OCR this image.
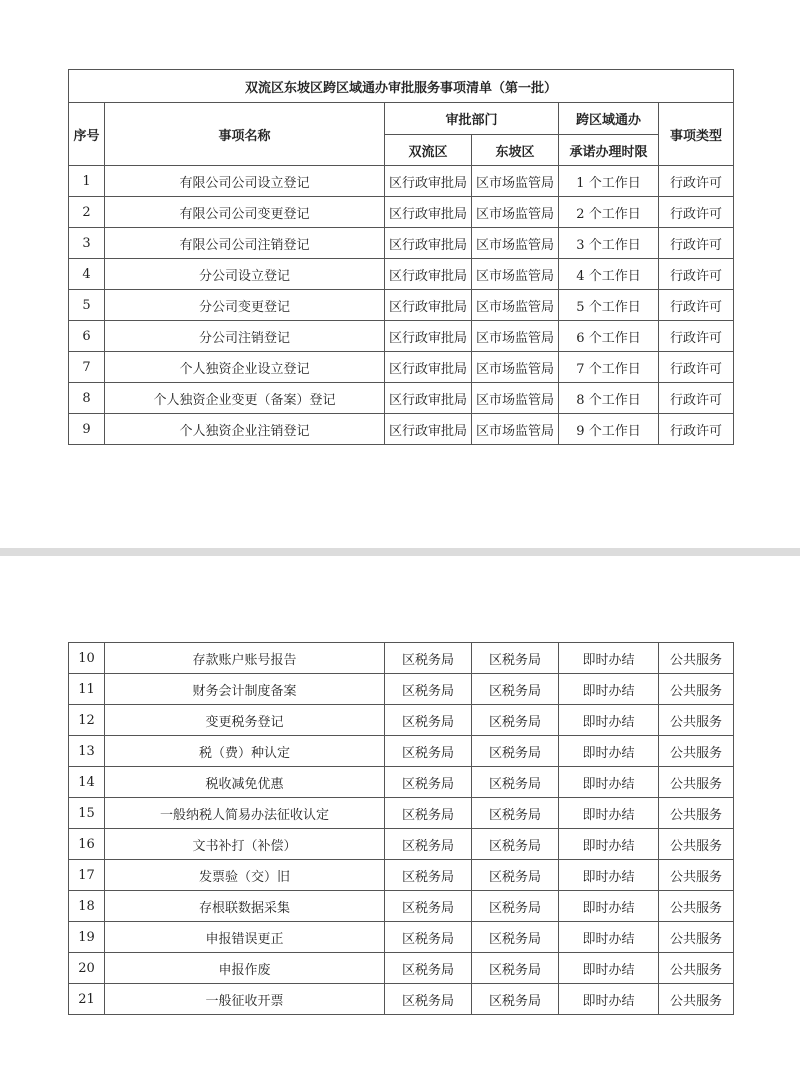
双流区东坡区跨区域通办审批服务事项清单（第一批）					
序号	事项名称	审批部门		跨区域通办	事项类型
		双流区	东坡区	承诺办理时限	
1	有限公司公司设立登记	区行政审批局	区市场监管局	1 个工作日	行政许可
2	有限公司公司变更登记	区行政审批局	区市场监管局	2 个工作日	行政许可
3	有限公司公司注销登记	区行政审批局	区市场监管局	3 个工作日	行政许可
4	分公司设立登记	区行政审批局	区市场监管局	4 个工作日	行政许可
5	分公司变更登记	区行政审批局	区市场监管局	5 个工作日	行政许可
6	分公司注销登记	区行政审批局	区市场监管局	6 个工作日	行政许可
7	个人独资企业设立登记	区行政审批局	区市场监管局	7 个工作日	行政许可
8	个人独资企业变更（备案）登记	区行政审批局	区市场监管局	8 个工作日	行政许可
9	个人独资企业注销登记	区行政审批局	区市场监管局	9 个工作日	行政许可
10	存款账户账号报告	区税务局	区税务局	即时办结	公共服务
11	财务会计制度备案	区税务局	区税务局	即时办结	公共服务
12	变更税务登记	区税务局	区税务局	即时办结	公共服务
13	税（费）种认定	区税务局	区税务局	即时办结	公共服务
14	税收减免优惠	区税务局	区税务局	即时办结	公共服务
15	一般纳税人简易办法征收认定	区税务局	区税务局	即时办结	公共服务
16	文书补打（补偿）	区税务局	区税务局	即时办结	公共服务
17	发票验（交）旧	区税务局	区税务局	即时办结	公共服务
18	存根联数据采集	区税务局	区税务局	即时办结	公共服务
19	申报错误更正	区税务局	区税务局	即时办结	公共服务
20	申报作废	区税务局	区税务局	即时办结	公共服务
21	一般征收开票	区税务局	区税务局	即时办结	公共服务
